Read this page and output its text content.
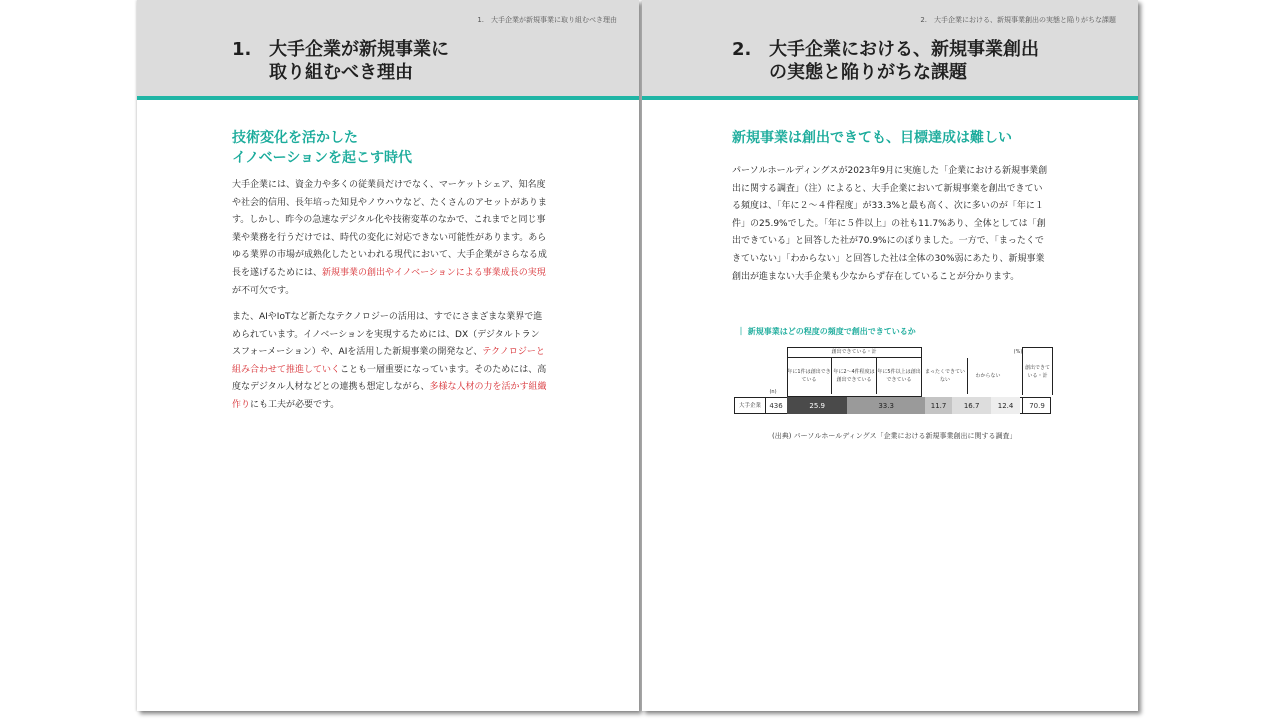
1.　大手企業が新規事業に取り組むべき理由
1. 大手企業が新規事業に
取り組むべき理由
技術変化を活かした
イノベーションを起こす時代

大手企業には、資金力や多くの従業員だけでなく、マーケットシェア、知名度や社会的信用、長年培った知見やノウハウなど、たくさんのアセットがあります。しかし、昨今の急速なデジタル化や技術変革のなかで、これまでと同じ事業や業務を行うだけでは、時代の変化に対応できない可能性があります。あらゆる業界の市場が成熟化したといわれる現代において、大手企業がさらなる成長を遂げるためには、新規事業の創出やイノベーションによる事業成長の実現が不可欠です。

また、AIやIoTなど新たなテクノロジーの活用は、すでにさまざまな業界で進められています。イノベーションを実現するためには、DX（デジタルトランスフォーメーション）や、AIを活用した新規事業の開発など、テクノロジーと組み合わせて推進していくことも一層重要になっています。そのためには、高度なデジタル人材などとの連携も想定しながら、多様な人材の力を活かす組織作りにも工夫が必要です。

2.　大手企業における、新規事業創出の実態と陥りがちな課題
2. 大手企業における、新規事業創出
の実態と陥りがちな課題
新規事業は創出できても、目標達成は難しい

パーソルホールディングスが2023年9月に実施した「企業における新規事業創出に関する調査」（注）によると、大手企業において新規事業を創出できている頻度は、「年に２～４件程度」が33.3%と最も高く、次に多いのが「年に１件」の25.9%でした。「年に５件以上」の社も11.7%あり、全体としては「創出できている」と回答した社が70.9%にのぼりました。一方で、「まったくできていない」「わからない」と回答した社は全体の30%弱にあたり、新規事業創出が進まない大手企業も少なからず存在していることが分かります。

｜ 新規事業はどの程度の頻度で創出できているか
創出できている・計
年に1件は創出できている
年に2～4件程度は創出できている
年に5件以上は創出できている
まったくできていない
わからない
(%)
(n)
創出できている・計
大手企業	436	25.9	33.3	11.7	16.7	12.4	70.9
(出典) パーソルホールディングス「企業における新規事業創出に関する調査」
